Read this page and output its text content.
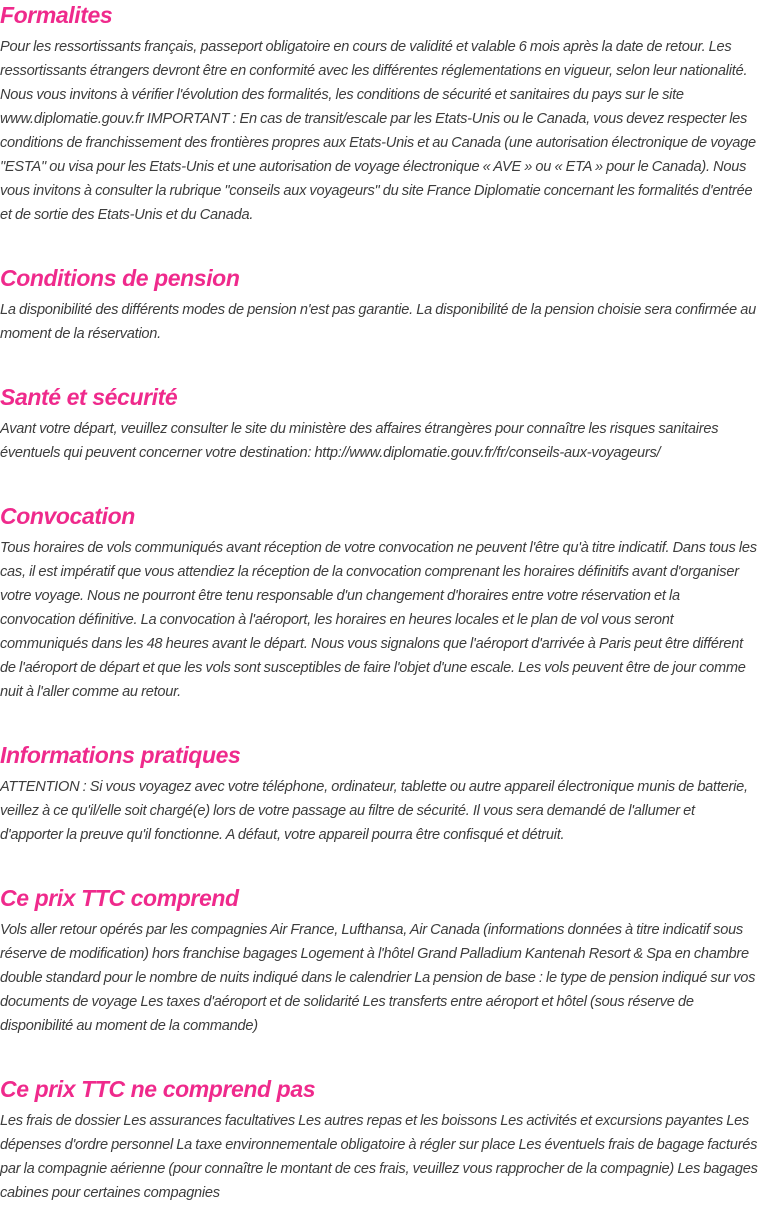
Formalites

Pour les ressortissants français, passeport obligatoire en cours de validité et valable 6 mois après la date de retour. Les ressortissants étrangers devront être en conformité avec les différentes réglementations en vigueur, selon leur nationalité. Nous vous invitons à vérifier l'évolution des formalités, les conditions de sécurité et sanitaires du pays sur le site www.diplomatie.gouv.fr IMPORTANT : En cas de transit/escale par les Etats-Unis ou le Canada, vous devez respecter les conditions de franchissement des frontières propres aux Etats-Unis et au Canada (une autorisation électronique de voyage "ESTA" ou visa pour les Etats-Unis et une autorisation de voyage électronique « AVE » ou « ETA » pour le Canada). Nous vous invitons à consulter la rubrique "conseils aux voyageurs" du site France Diplomatie concernant les formalités d'entrée et de sortie des Etats-Unis et du Canada.

Conditions de pension

La disponibilité des différents modes de pension n'est pas garantie. La disponibilité de la pension choisie sera confirmée au moment de la réservation.

Santé et sécurité

Avant votre départ, veuillez consulter le site du ministère des affaires étrangères pour connaître les risques sanitaires éventuels qui peuvent concerner votre destination: http://www.diplomatie.gouv.fr/fr/conseils-aux-voyageurs/

Convocation

Tous horaires de vols communiqués avant réception de votre convocation ne peuvent l'être qu'à titre indicatif. Dans tous les cas, il est impératif que vous attendiez la réception de la convocation comprenant les horaires définitifs avant d'organiser votre voyage. Nous ne pourront être tenu responsable d'un changement d'horaires entre votre réservation et la convocation définitive. La convocation à l'aéroport, les horaires en heures locales et le plan de vol vous seront communiqués dans les 48 heures avant le départ. Nous vous signalons que l'aéroport d'arrivée à Paris peut être différent de l'aéroport de départ et que les vols sont susceptibles de faire l'objet d'une escale. Les vols peuvent être de jour comme nuit à l'aller comme au retour.

Informations pratiques

ATTENTION : Si vous voyagez avec votre téléphone, ordinateur, tablette ou autre appareil électronique munis de batterie, veillez à ce qu'il/elle soit chargé(e) lors de votre passage au filtre de sécurité. Il vous sera demandé de l'allumer et d'apporter la preuve qu'il fonctionne. A défaut, votre appareil pourra être confisqué et détruit.

Ce prix TTC comprend

Vols aller retour opérés par les compagnies Air France, Lufthansa, Air Canada (informations données à titre indicatif sous réserve de modification) hors franchise bagages Logement à l'hôtel Grand Palladium Kantenah Resort & Spa en chambre double standard pour le nombre de nuits indiqué dans le calendrier La pension de base : le type de pension indiqué sur vos documents de voyage Les taxes d'aéroport et de solidarité Les transferts entre aéroport et hôtel (sous réserve de disponibilité au moment de la commande)

Ce prix TTC ne comprend pas

Les frais de dossier Les assurances facultatives Les autres repas et les boissons Les activités et excursions payantes Les dépenses d'ordre personnel La taxe environnementale obligatoire à régler sur place Les éventuels frais de bagage facturés par la compagnie aérienne (pour connaître le montant de ces frais, veuillez vous rapprocher de la compagnie) Les bagages cabines pour certaines compagnies
